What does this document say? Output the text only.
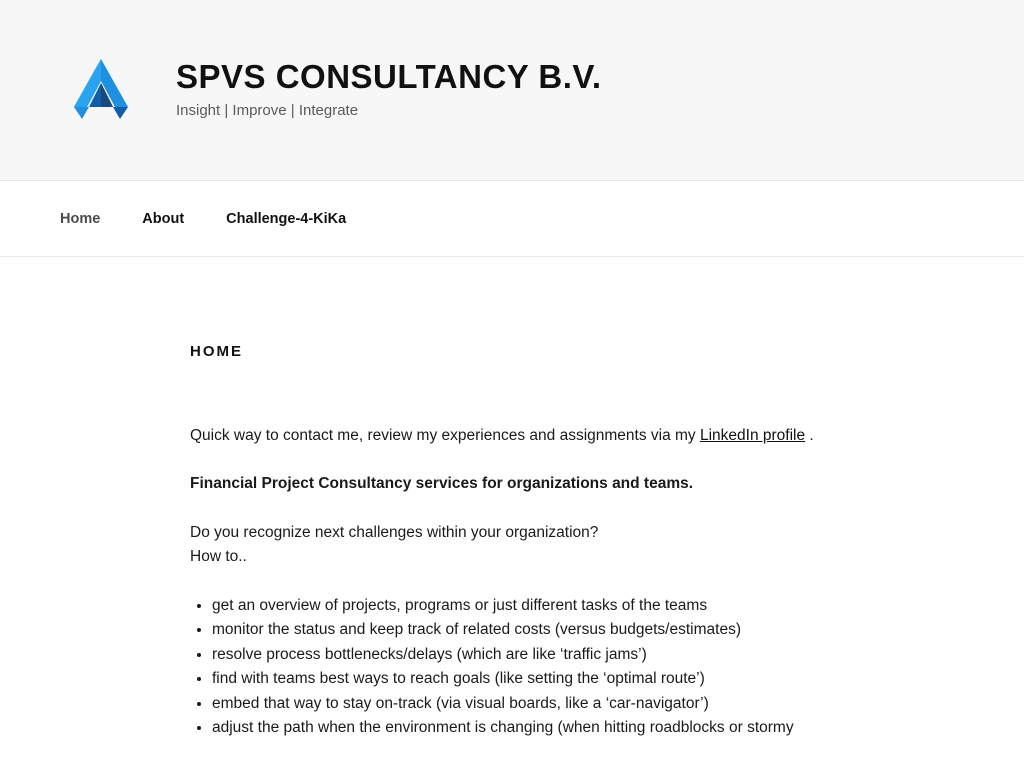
SPVS CONSULTANCY B.V.

Insight | Improve | Integrate

Home	About	Challenge-4-KiKa
HOME

Quick way to contact me, review my experiences and assignments via my LinkedIn profile .

Financial Project Consultancy services for organizations and teams.

Do you recognize next challenges within your organization?
How to..

• get an overview of projects, programs or just different tasks of the teams
• monitor the status and keep track of related costs (versus budgets/estimates)
• resolve process bottlenecks/delays (which are like ‘traffic jams’)
• find with teams best ways to reach goals (like setting the ‘optimal route’)
• embed that way to stay on-track (via visual boards, like a ‘car-navigator’)
• adjust the path when the environment is changing (when hitting roadblocks or stormy
